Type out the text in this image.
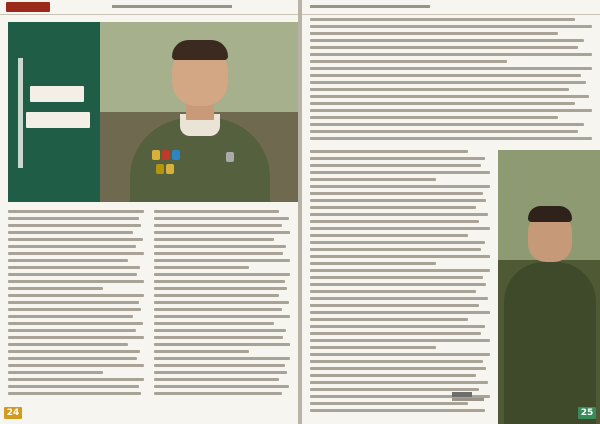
24	25
